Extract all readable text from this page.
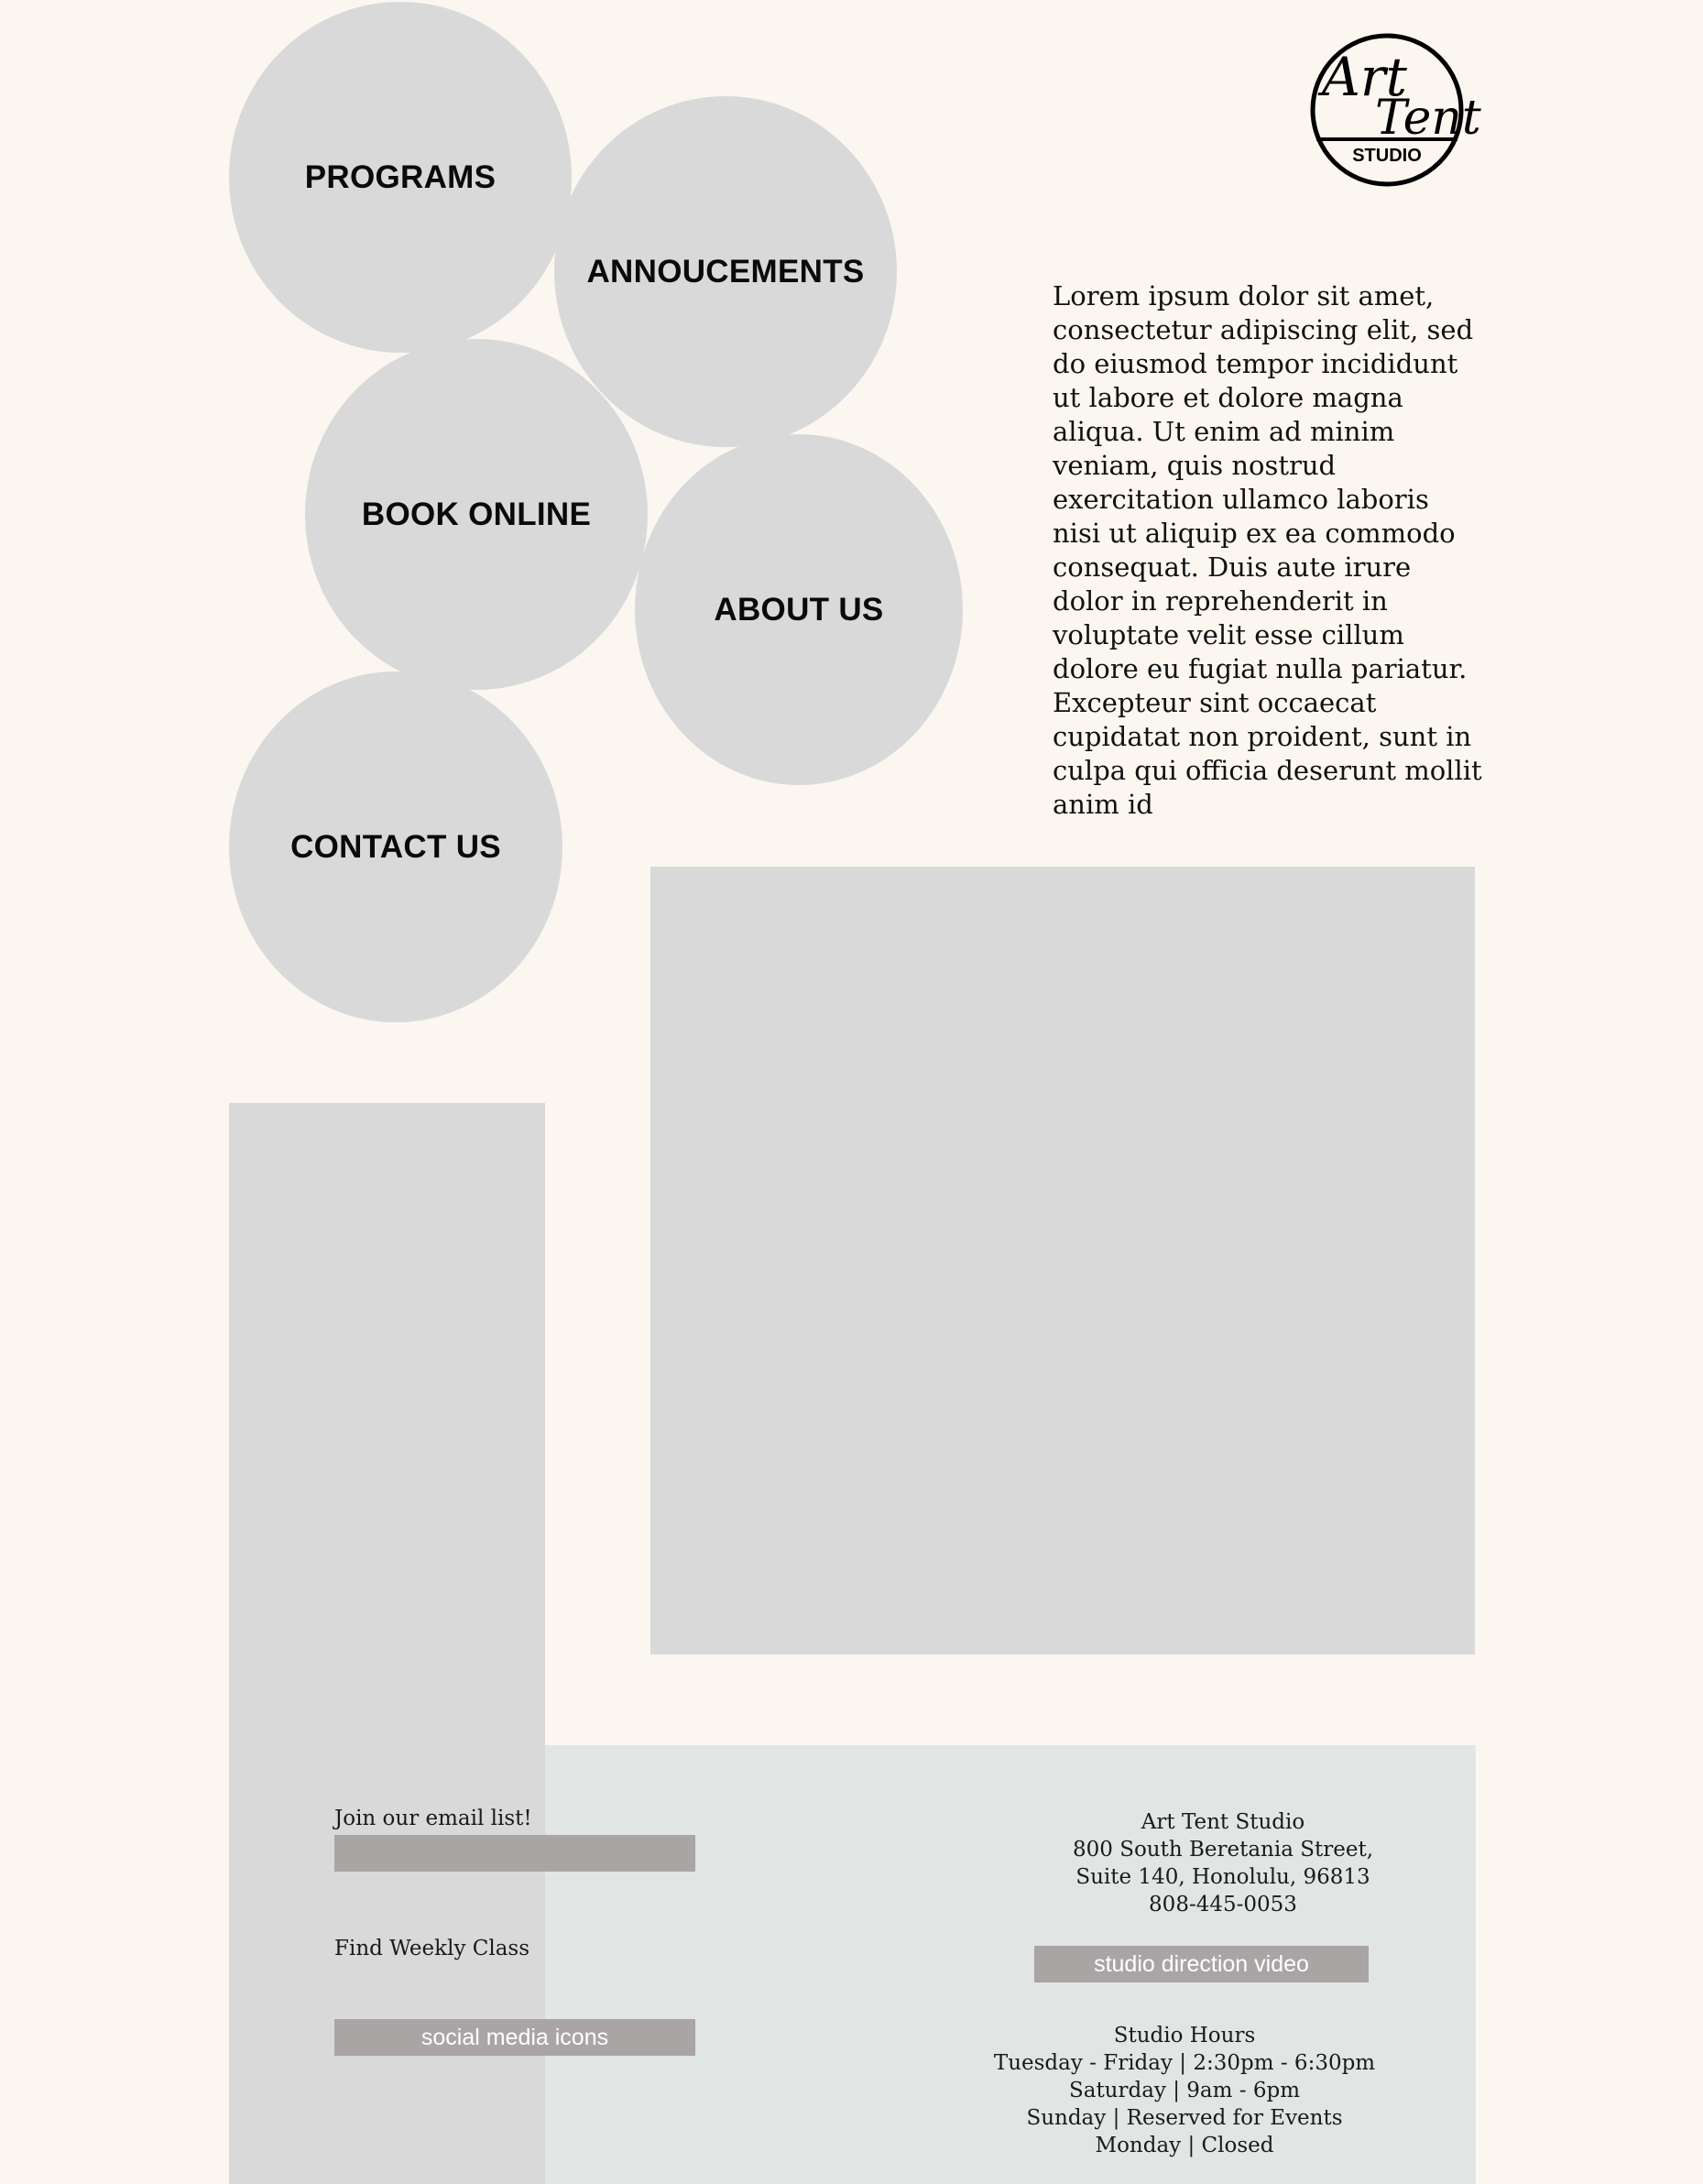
PROGRAMS
ANNOUCEMENTS
BOOK ONLINE
ABOUT US
CONTACT US
Art
Tent
STUDIO

Lorem ipsum dolor sit amet, consectetur adipiscing elit, sed do eiusmod tempor incididunt ut labore et dolore magna aliqua. Ut enim ad minim veniam, quis nostrud exercitation ullamco laboris nisi ut aliquip ex ea commodo consequat. Duis aute irure dolor in reprehenderit in voluptate velit esse cillum dolore eu fugiat nulla pariatur. Excepteur sint occaecat cupidatat non proident, sunt in culpa qui officia deserunt mollit anim id

Join our email list!
Find Weekly Class
social media icons
Art Tent Studio
800 South Beretania Street,
Suite 140, Honolulu, 96813
808-445-0053
studio direction video
Studio Hours
Tuesday - Friday | 2:30pm - 6:30pm
Saturday | 9am - 6pm
Sunday | Reserved for Events
Monday | Closed
